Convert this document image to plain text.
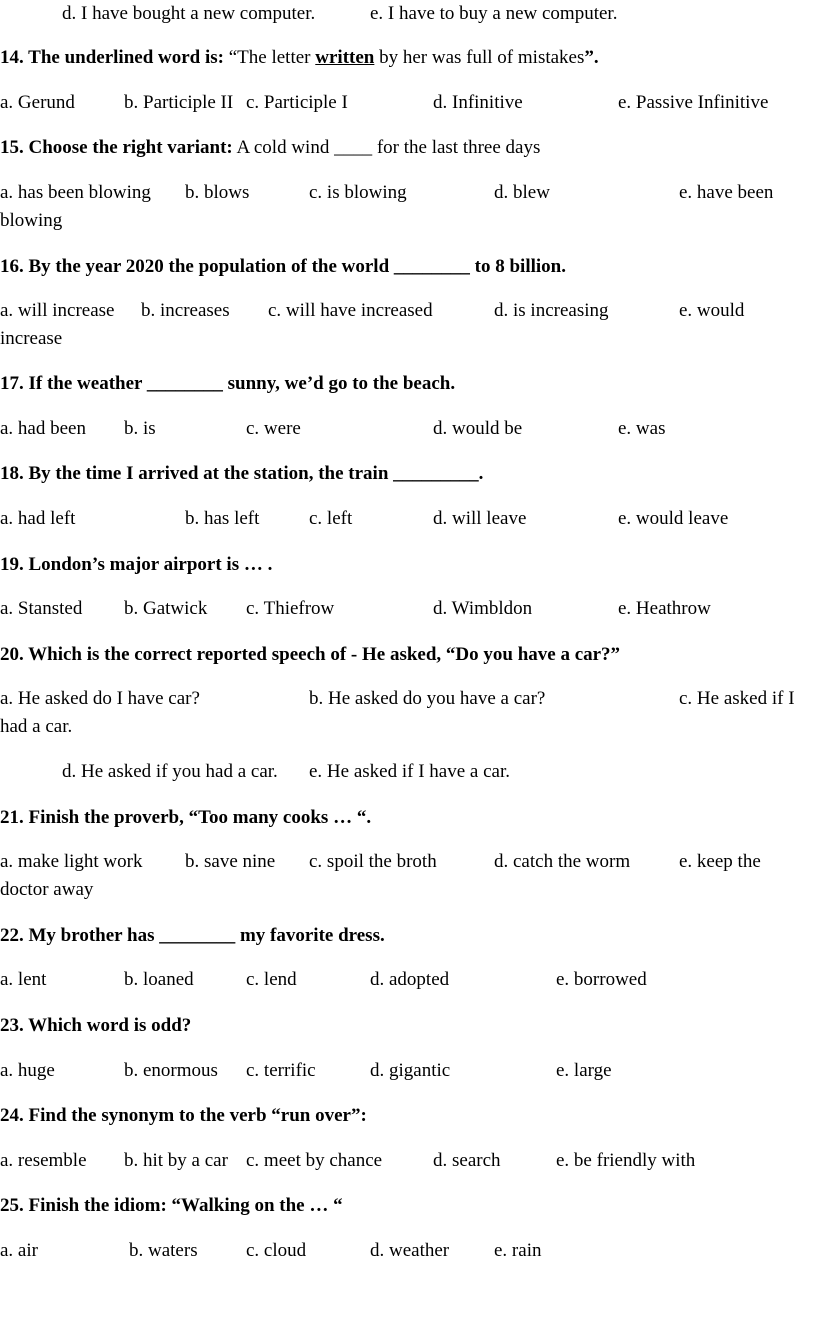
d. I have bought a new computer.	e. I have to buy a new computer.
14. The underlined word is: “The letter written by her was full of mistakes”.
a. Gerund	b. Participle II c. Participle I	d. Infinitive	e. Passive Infinitive
15. Choose the right variant: A cold wind ____ for the last three days
a. has been blowing b. blows	c. is blowing	d. blew	e. have been
blowing
16. By the year 2020 the population of the world ________ to 8 billion.
a. will increase b. increases c. will have increased	d. is increasing	e. would
increase
17. If the weather ________ sunny, we’d go to the beach.
a. had been b. is	c. were	d. would be	e. was
18. By the time I arrived at the station, the train _________.
a. had left	b. has left	c. left	d. will leave	e. would leave
19. London’s major airport is … .
a. Stansted b. Gatwick c. Thiefrow	d. Wimbldon	e. Heathrow
20. Which is the correct reported speech of - He asked, “Do you have a car?”
a. He asked do I have car?	b. He asked do you have a car?	c. He asked if I
had a car.
d. He asked if you had a car. e. He asked if I have a car.
21. Finish the proverb, “Too many cooks … “.
a. make light work b. save nine c. spoil the broth	d. catch the worm	e. keep the
doctor away
22. My brother has ________ my favorite dress.
a. lent	b. loaned	c. lend	d. adopted	e. borrowed
23. Which word is odd?
a. huge	b. enormous c. terrific	d. gigantic	e. large
24. Find the synonym to the verb “run over”:
a. resemble b. hit by a car c. meet by chance	d. search	e. be friendly with
25. Finish the idiom: “Walking on the … “
a. air	b. waters	c. cloud	d. weather e. rain
